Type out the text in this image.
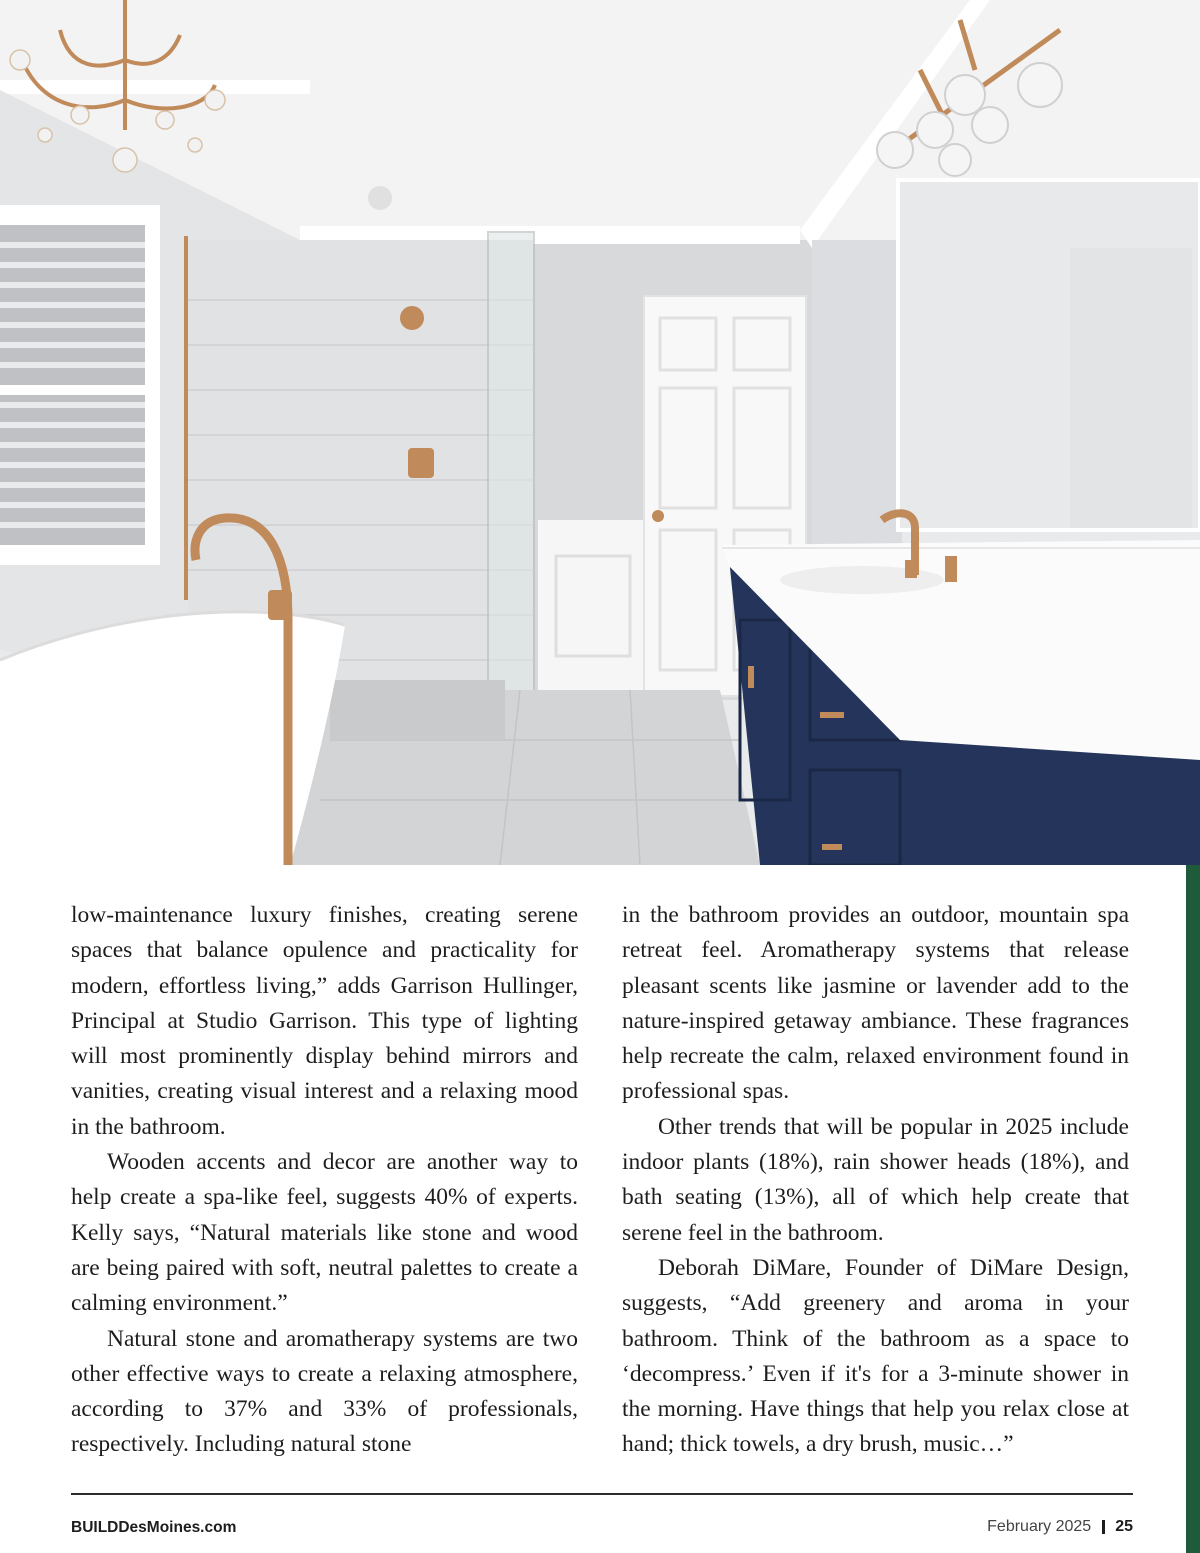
low-maintenance luxury finishes, creating serene spaces that balance opulence and practicality for modern, effortless living,” adds Garrison Hullinger, Principal at Studio Garrison. This type of lighting will most prominently display behind mirrors and vanities, creating visual interest and a relaxing mood in the bathroom.

Wooden accents and decor are another way to help create a spa-like feel, suggests 40% of experts. Kelly says, “Natural materials like stone and wood are being paired with soft, neutral palettes to create a calming environment.”

Natural stone and aromatherapy systems are two other effective ways to create a relaxing atmosphere, according to 37% and 33% of professionals, respectively. Including natural stone

in the bathroom provides an outdoor, mountain spa retreat feel. Aromatherapy systems that release pleasant scents like jasmine or lavender add to the nature-inspired getaway ambiance. These fragrances help recreate the calm, relaxed environment found in professional spas.

Other trends that will be popular in 2025 include indoor plants (18%), rain shower heads (18%), and bath seating (13%), all of which help create that serene feel in the bathroom.

Deborah DiMare, Founder of DiMare Design, suggests, “Add greenery and aroma in your bathroom. Think of the bathroom as a space to ‘decompress.’ Even if it's for a 3-minute shower in the morning. Have things that help you relax close at hand; thick towels, a dry brush, music…”

BUILDDesMoines.com	February 2025 25
